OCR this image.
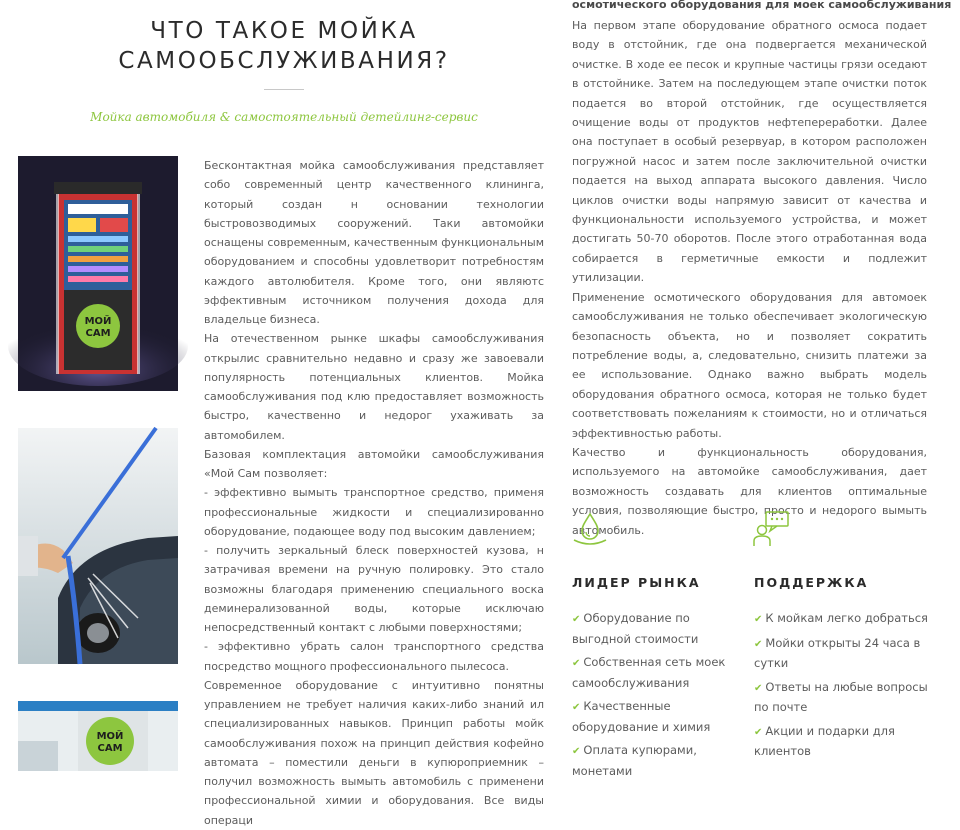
ЧТО ТАКОЕ МОЙКА
САМООБСЛУЖИВАНИЯ?
Мойка автомобиля & самостоятельный детейлинг-сервис
МОЙ
САМ
МОЙ
САМ

Бесконтактная мойка самообслуживания представляет собо современный центр качественного клининга, который создан н основании технологии быстровозводимых сооружений. Таки автомойки оснащены современным, качественным функциональным оборудованием и способны удовлетворит потребностям каждого автолюбителя. Кроме того, они являютс эффективным источником получения дохода для владельце бизнеса.

На отечественном рынке шкафы самообслуживания открылис сравнительно недавно и сразу же завоевали популярность потенциальных клиентов. Мойка самообслуживания под клю предоставляет возможность быстро, качественно и недорог ухаживать за автомобилем.

Базовая комплектация автомойки самообслуживания «Мой Сам позволяет:

- эффективно вымыть транспортное средство, применя профессиональные жидкости и специализированно оборудование, подающее воду под высоким давлением;

- получить зеркальный блеск поверхностей кузова, н затрачивая времени на ручную полировку. Это стало возможны благодаря применению специального воска деминерализованной воды, которые исключаю непосредственный контакт с любыми поверхностями;

- эффективно убрать салон транспортного средства посредство мощного профессионального пылесоса.

Современное оборудование с интуитивно понятны управлением не требует наличия каких-либо знаний ил специализированных навыков. Принцип работы мойк самообслуживания похож на принцип действия кофейно автомата – поместили деньги в купюроприемник – получил возможность вымыть автомобиль с применени профессиональной химии и оборудования. Все виды операци

осмотического оборудования для моек самообслуживания

На первом этапе оборудование обратного осмоса подает воду в отстойник, где она подвергается механической очистке. В ходе ее песок и крупные частицы грязи оседают в отстойнике. Затем на последующем этапе очистки поток подается во второй отстойник, где осуществляется очищение воды от продуктов нефтепереработки. Далее она поступает в особый резервуар, в котором расположен погружной насос и затем после заключительной очистки подается на выход аппарата высокого давления. Число циклов очистки воды напрямую зависит от качества и функциональности используемого устройства, и может достигать 50-70 оборотов. После этого отработанная вода собирается в герметичные емкости и подлежит утилизации.

Применение осмотического оборудования для автомоек самообслуживания не только обеспечивает экологическую безопасность объекта, но и позволяет сократить потребление воды, а, следовательно, снизить платежи за ее использование. Однако важно выбрать модель оборудования обратного осмоса, которая не только будет соответствовать пожеланиям к стоимости, но и отличаться эффективностью работы.

Качество и функциональность оборудования, используемого на автомойке самообслуживания, дает возможность создавать для клиентов оптимальные условия, позволяющие быстро, просто и недорого вымыть автомобиль.

ЛИДЕР РЫНКА	ПОДДЕРЖКА
✔ Оборудование по выгодной стоимости
✔ Собственная сеть моек самообслуживания
✔ Качественные оборудование и химия
✔ Оплата купюрами, монетами
✔ К мойкам легко добраться
✔ Мойки открыты 24 часа в сутки
✔ Ответы на любые вопросы по почте
✔ Акции и подарки для клиентов
